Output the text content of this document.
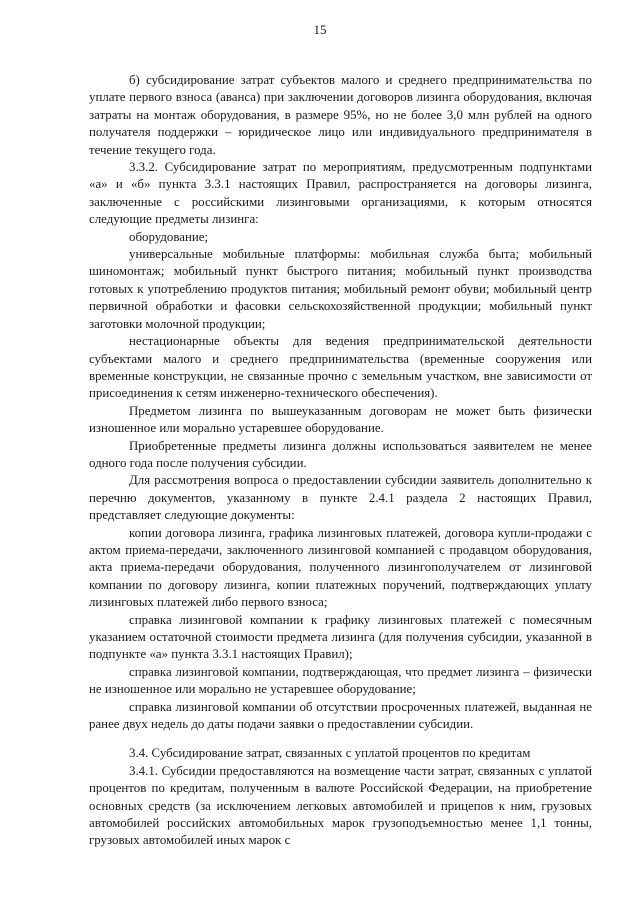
15

б) субсидирование затрат субъектов малого и среднего предпринимательства по уплате первого взноса (аванса) при заключении договоров лизинга оборудования, включая затраты на монтаж оборудования, в размере 95%, но не более 3,0 млн рублей на одного получателя поддержки – юридическое лицо или индивидуального предпринимателя в течение текущего года.

3.3.2. Субсидирование затрат по мероприятиям, предусмотренным подпунктами «а» и «б» пункта 3.3.1 настоящих Правил, распространяется на договоры лизинга, заключенные с российскими лизинговыми организациями, к которым относятся следующие предметы лизинга:

оборудование;

универсальные мобильные платформы: мобильная служба быта; мобильный шиномонтаж; мобильный пункт быстрого питания; мобильный пункт производства готовых к употреблению продуктов питания; мобильный ремонт обуви; мобильный центр первичной обработки и фасовки сельскохозяйственной продукции; мобильный пункт заготовки молочной продукции;

нестационарные объекты для ведения предпринимательской деятельности субъектами малого и среднего предпринимательства (временные сооружения или временные конструкции, не связанные прочно с земельным участком, вне зависимости от присоединения к сетям инженерно-технического обеспечения).

Предметом лизинга по вышеуказанным договорам не может быть физически изношенное или морально устаревшее оборудование.

Приобретенные предметы лизинга должны использоваться заявителем не менее одного года после получения субсидии.

Для рассмотрения вопроса о предоставлении субсидии заявитель дополнительно к перечню документов, указанному в пункте 2.4.1 раздела 2 настоящих Правил, представляет следующие документы:

копии договора лизинга, графика лизинговых платежей, договора купли-продажи с актом приема-передачи, заключенного лизинговой компанией с продавцом оборудования, акта приема-передачи оборудования, полученного лизингополучателем от лизинговой компании по договору лизинга, копии платежных поручений, подтверждающих уплату лизинговых платежей либо первого взноса;

справка лизинговой компании к графику лизинговых платежей с помесячным указанием остаточной стоимости предмета лизинга (для получения субсидии, указанной в подпункте «а» пункта 3.3.1 настоящих Правил);

справка лизинговой компании, подтверждающая, что предмет лизинга – физически не изношенное или морально не устаревшее оборудование;

справка лизинговой компании об отсутствии просроченных платежей, выданная не ранее двух недель до даты подачи заявки о предоставлении субсидии.

3.4. Субсидирование затрат, связанных с уплатой процентов по кредитам

3.4.1. Субсидии предоставляются на возмещение части затрат, связанных с уплатой процентов по кредитам, полученным в валюте Российской Федерации, на приобретение основных средств (за исключением легковых автомобилей и прицепов к ним, грузовых автомобилей российских автомобильных марок грузоподъемностью менее 1,1 тонны, грузовых автомобилей иных марок с
